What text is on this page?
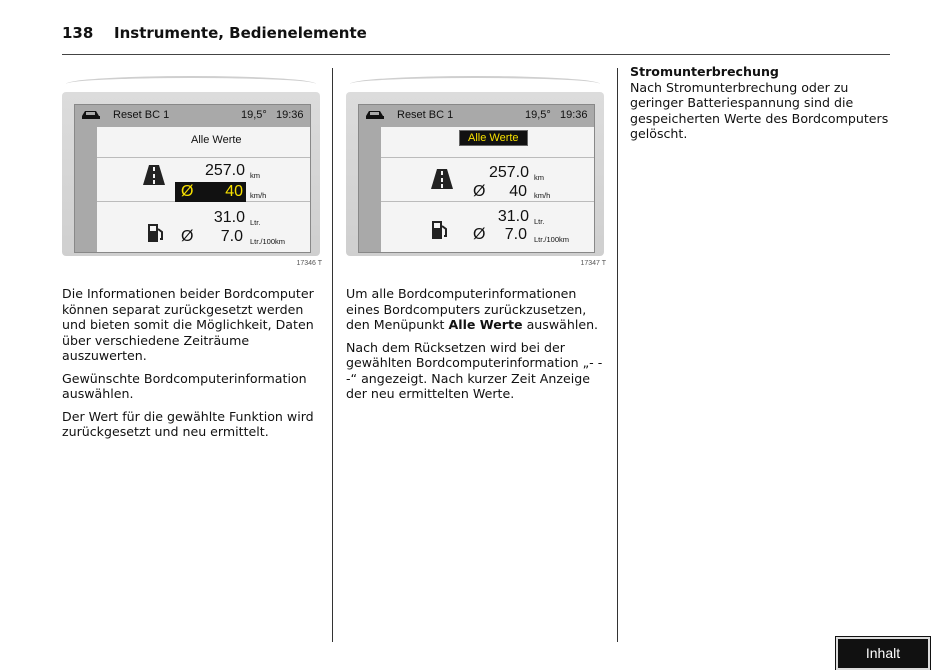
138 Instrumente, Bedienelemente
Reset BC 1	19,5° 19:36
Alle Werte
257.0 km
Ø	40 km/h
31.0 Ltr.
Ø	7.0 Ltr./100km
17346 T
Reset BC 1	19,5° 19:36
Alle Werte
257.0 km
Ø	40 km/h
31.0 Ltr.
Ø	7.0 Ltr./100km
17347 T

Die Informationen beider Bordcomputer können separat zurückgesetzt werden und bieten somit die Möglichkeit, Daten über verschiedene Zeiträume auszuwerten.

Gewünschte Bordcomputerinformation auswählen.

Der Wert für die gewählte Funktion wird zurückgesetzt und neu ermittelt.

Um alle Bordcomputerinformationen eines Bordcomputers zurückzusetzen, den Menüpunkt Alle Werte auswählen.

Nach dem Rücksetzen wird bei der gewählten Bordcomputerinformation „- - -“ angezeigt. Nach kurzer Zeit Anzeige der neu ermittelten Werte.

Stromunterbrechung

Nach Stromunterbrechung oder zu geringer Batteriespannung sind die gespeicherten Werte des Bordcomputers gelöscht.

Inhalt
